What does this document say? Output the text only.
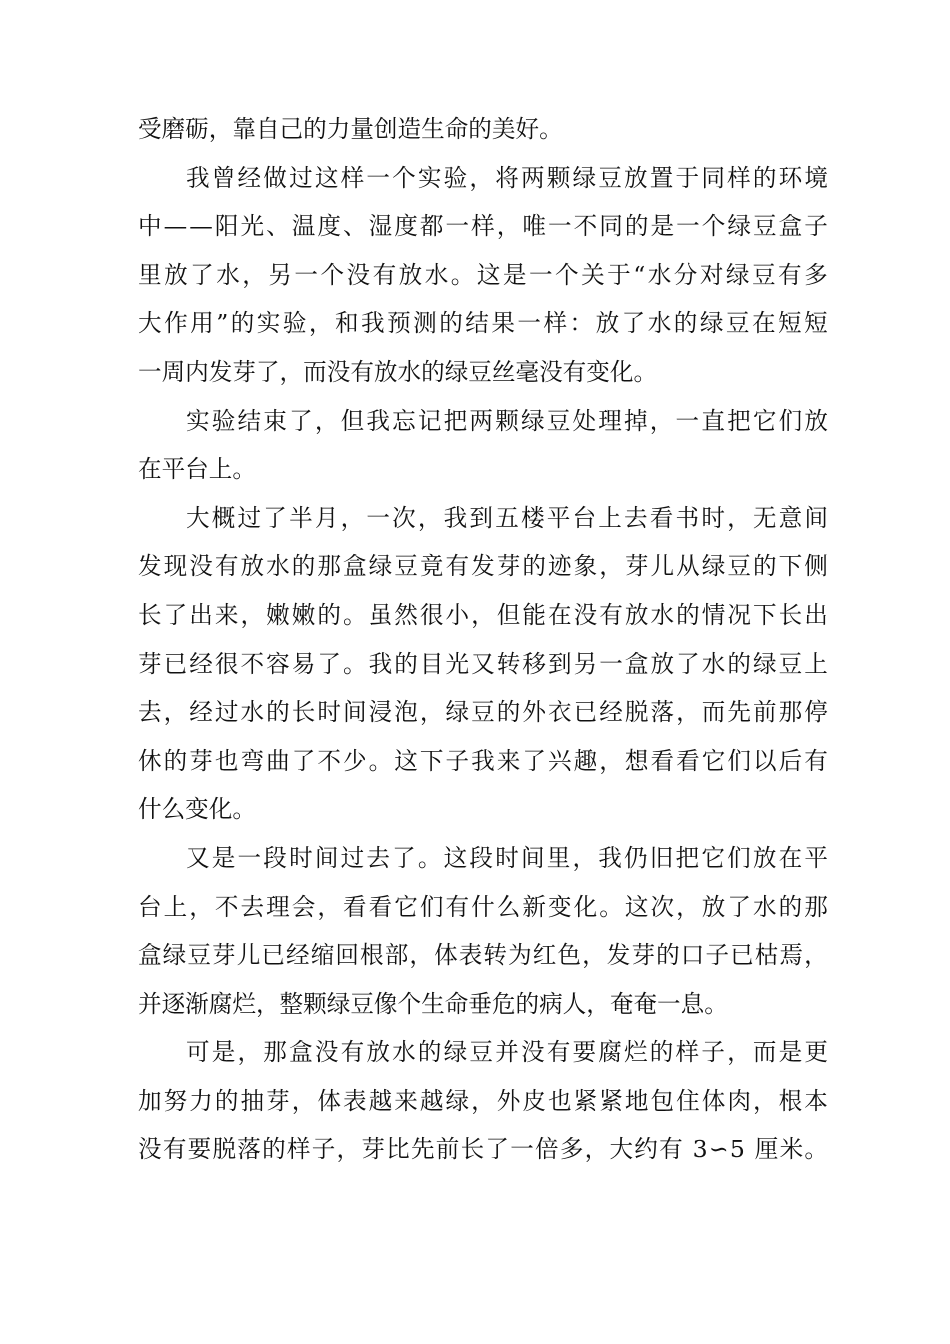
受磨砺，靠自己的力量创造生命的美好。
我 曾 经 做 过 这 样 一 个 实 验 ， 将 两 颗 绿 豆 放 置 于 同 样 的 环 境
中 — — 阳 光 、 温 度 、 湿 度 都 一 样 ， 唯 一 不 同 的 是 一 个 绿 豆 盒 子
里 放 了 水 ， 另 一 个 没 有 放 水 。 这 是 一 个 关 于 “ 水 分 对 绿 豆 有 多
大 作 用 ” 的 实 验 ， 和 我 预 测 的 结 果 一 样 ： 放 了 水 的 绿 豆 在 短 短
一周内发芽了，而没有放水的绿豆丝毫没有变化。
实 验 结 束 了 ， 但 我 忘 记 把 两 颗 绿 豆 处 理 掉 ， 一 直 把 它 们 放
在平台上。
大 概 过 了 半 月 ， 一 次 ， 我 到 五 楼 平 台 上 去 看 书 时 ， 无 意 间
发 现 没 有 放 水 的 那 盒 绿 豆 竟 有 发 芽 的 迹 象 ， 芽 儿 从 绿 豆 的 下 侧
长 了 出 来 ， 嫩 嫩 的 。 虽 然 很 小 ， 但 能 在 没 有 放 水 的 情 况 下 长 出
芽 已 经 很 不 容 易 了 。 我 的 目 光 又 转 移 到 另 一 盒 放 了 水 的 绿 豆 上
去 ， 经 过 水 的 长 时 间 浸 泡 ， 绿 豆 的 外 衣 已 经 脱 落 ， 而 先 前 那 停
休 的 芽 也 弯 曲 了 不 少 。 这 下 子 我 来 了 兴 趣 ， 想 看 看 它 们 以 后 有
什么变化。
又 是 一 段 时 间 过 去 了 。 这 段 时 间 里 ， 我 仍 旧 把 它 们 放 在 平
台 上 ， 不 去 理 会 ， 看 看 它 们 有 什 么 新 变 化 。 这 次 ， 放 了 水 的 那
盒 绿 豆 芽 儿 已 经 缩 回 根 部 ， 体 表 转 为 红 色 ， 发 芽 的 口 子 已 枯 焉 ，
并逐渐腐烂，整颗绿豆像个生命垂危的病人，奄奄一息。
可 是 ， 那 盒 没 有 放 水 的 绿 豆 并 没 有 要 腐 烂 的 样 子 ， 而 是 更
加 努 力 的 抽 芽 ， 体 表 越 来 越 绿 ， 外 皮 也 紧 紧 地 包 住 体 肉 ， 根 本
没 有 要 脱 落 的 样 子 ， 芽 比 先 前 长 了 一 倍 多 ， 大 约 有
3 ∽ 5
厘 米 。
